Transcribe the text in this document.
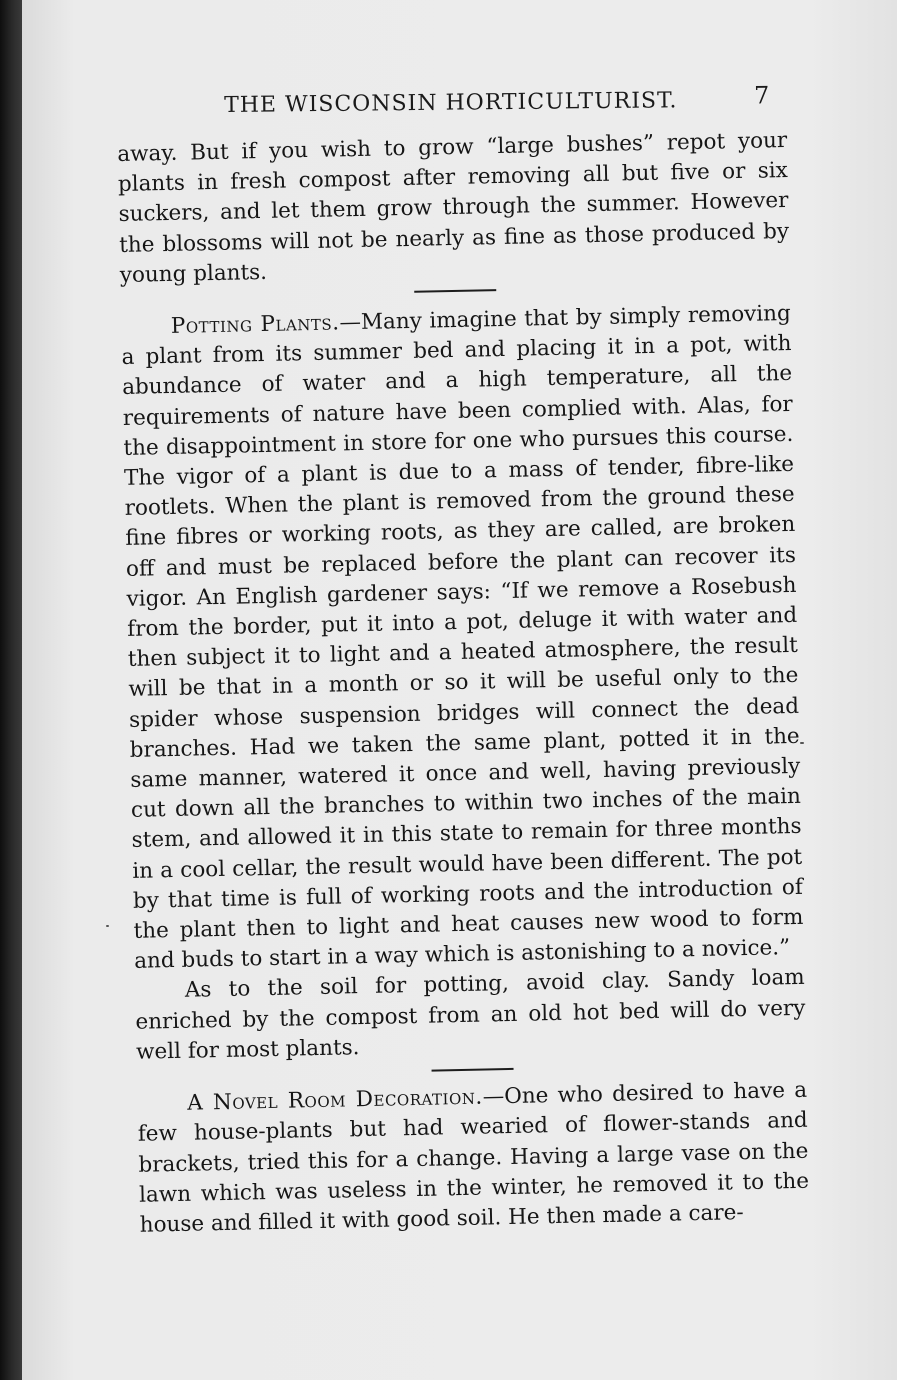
THE WISCONSIN HORTICULTURIST.	7

away. But if you wish to grow “large bushes” repot your plants in fresh compost after removing all but five or six suckers, and let them grow through the summer. However the blossoms will not be nearly as fine as those produced by young plants.

Potting Plants.—Many imagine that by simply removing a plant from its summer bed and placing it in a pot, with abundance of water and a high temperature, all the requirements of nature have been complied with. Alas, for the disappointment in store for one who pursues this course. The vigor of a plant is due to a mass of tender, fibre-like rootlets. When the plant is removed from the ground these fine fibres or working roots, as they are called, are broken off and must be replaced before the plant can recover its vigor. An English gardener says: “If we remove a Rosebush from the border, put it into a pot, deluge it with water and then subject it to light and a heated atmosphere, the result will be that in a month or so it will be useful only to the spider whose suspension bridges will connect the dead branches. Had we taken the same plant, potted it in the same manner, watered it once and well, having previously cut down all the branches to within two inches of the main stem, and allowed it in this state to remain for three months in a cool cellar, the result would have been different. The pot by that time is full of working roots and the introduction of the plant then to light and heat causes new wood to form and buds to start in a way which is astonishing to a novice.”

As to the soil for potting, avoid clay. Sandy loam enriched by the compost from an old hot bed will do very well for most plants.

A Novel Room Decoration.—One who desired to have a few house-plants but had wearied of flower-stands and brackets, tried this for a change. Having a large vase on the lawn which was useless in the winter, he removed it to the house and filled it with good soil. He then made a care-
